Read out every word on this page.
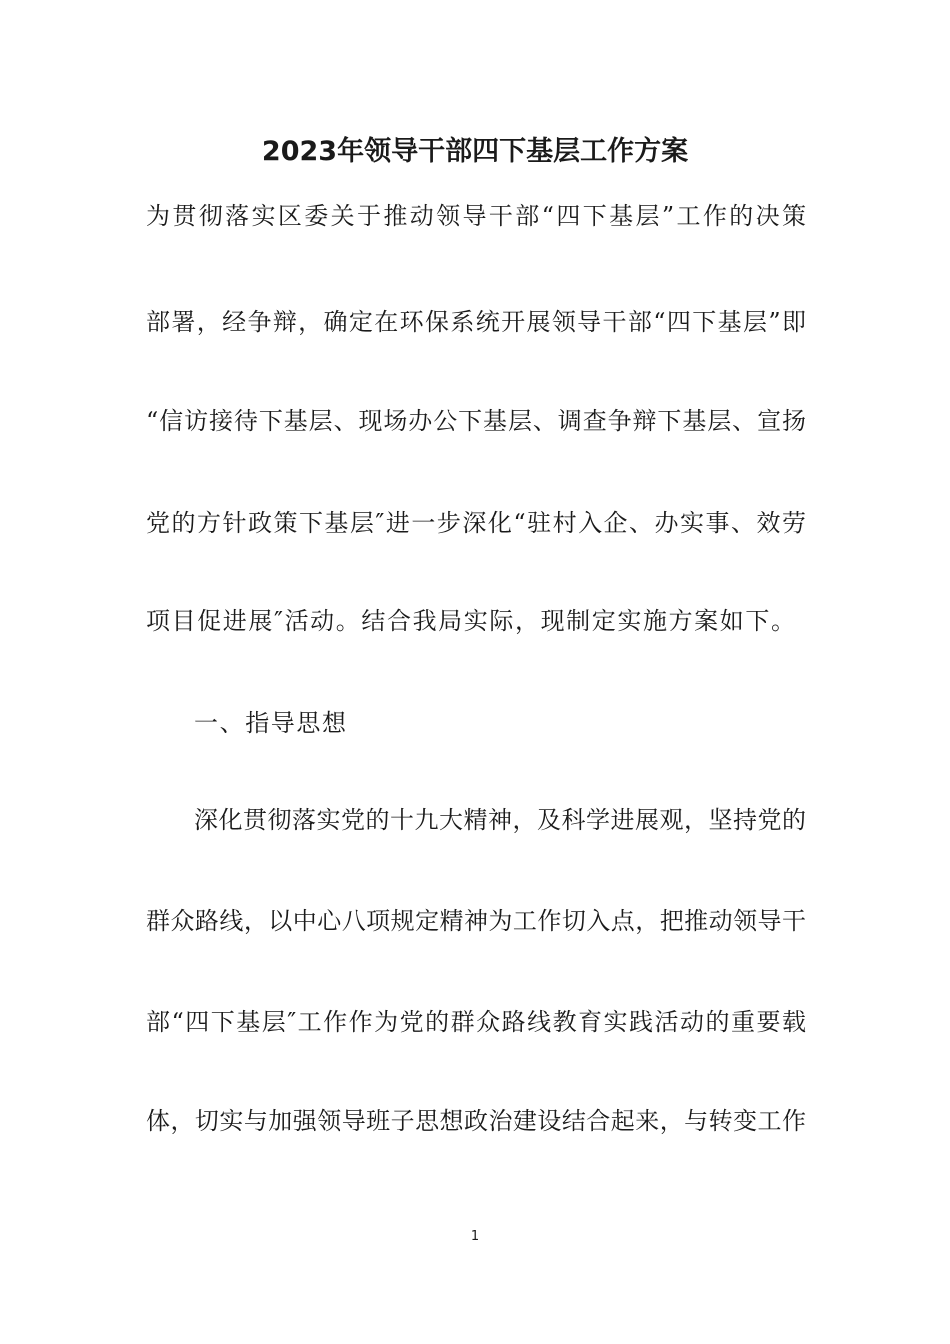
2023年领导干部四下基层工作方案
为贯彻落实区委关于推动领导干部“四下基层”工作的决策
部署，经争辩，确定在环保系统开展领导干部“四下基层”即
“信访接待下基层、现场办公下基层、调查争辩下基层、宣扬
党的方针政策下基层″进一步深化“驻村入企、办实事、效劳
项目促进展″活动。结合我局实际，现制定实施方案如下。
一、指导思想
深化贯彻落实党的十九大精神，及科学进展观，坚持党的
群众路线，以中心八项规定精神为工作切入点，把推动领导干
部“四下基层″工作作为党的群众路线教育实践活动的重要载
体，切实与加强领导班子思想政治建设结合起来，与转变工作
1
